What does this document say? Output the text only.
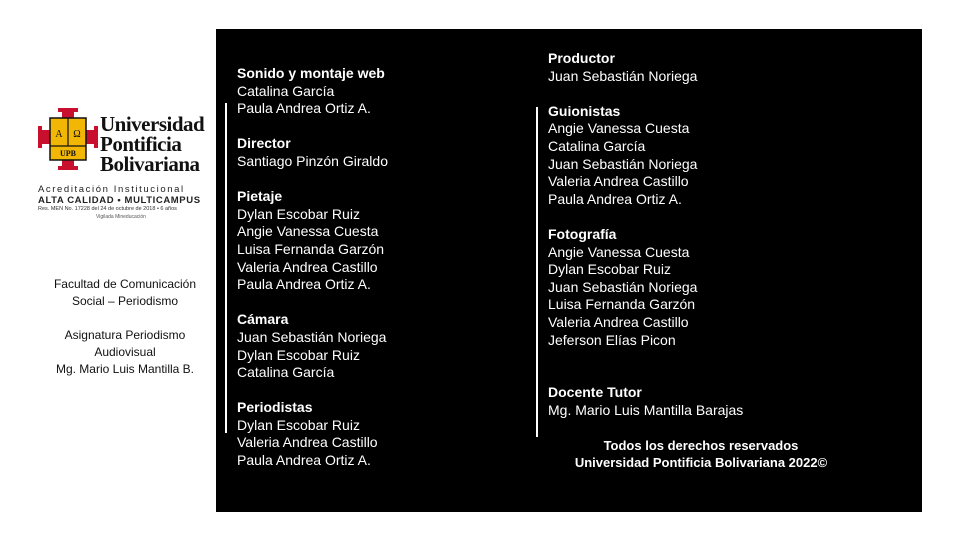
A Ω
UPB
Universidad
Pontificia
Bolivariana
Acreditación Institucional
ALTA CALIDAD • MULTICAMPUS
Res. MEN No. 17228 del 24 de octubre de 2018 • 6 años
Vigilada Mineducación
Facultad de Comunicación
Social – Periodismo
Asignatura Periodismo
Audiovisual
Mg. Mario Luis Mantilla B.
Sonido y montaje web
Catalina García
Paula Andrea Ortiz A.
Director
Santiago Pinzón Giraldo
Pietaje
Dylan Escobar Ruiz
Angie Vanessa Cuesta
Luisa Fernanda Garzón
Valeria Andrea Castillo
Paula Andrea Ortiz A.
Cámara
Juan Sebastián Noriega
Dylan Escobar Ruiz
Catalina García
Periodistas
Dylan Escobar Ruiz
Valeria Andrea Castillo
Paula Andrea Ortiz A.
Productor
Juan Sebastián Noriega
Guionistas
Angie Vanessa Cuesta
Catalina García
Juan Sebastián Noriega
Valeria Andrea Castillo
Paula Andrea Ortiz A.
Fotografía
Angie Vanessa Cuesta
Dylan Escobar Ruiz
Juan Sebastián Noriega
Luisa Fernanda Garzón
Valeria Andrea Castillo
Jeferson Elías Picon
Docente Tutor
Mg. Mario Luis Mantilla Barajas
Todos los derechos reservados
Universidad Pontificia Bolivariana 2022©
